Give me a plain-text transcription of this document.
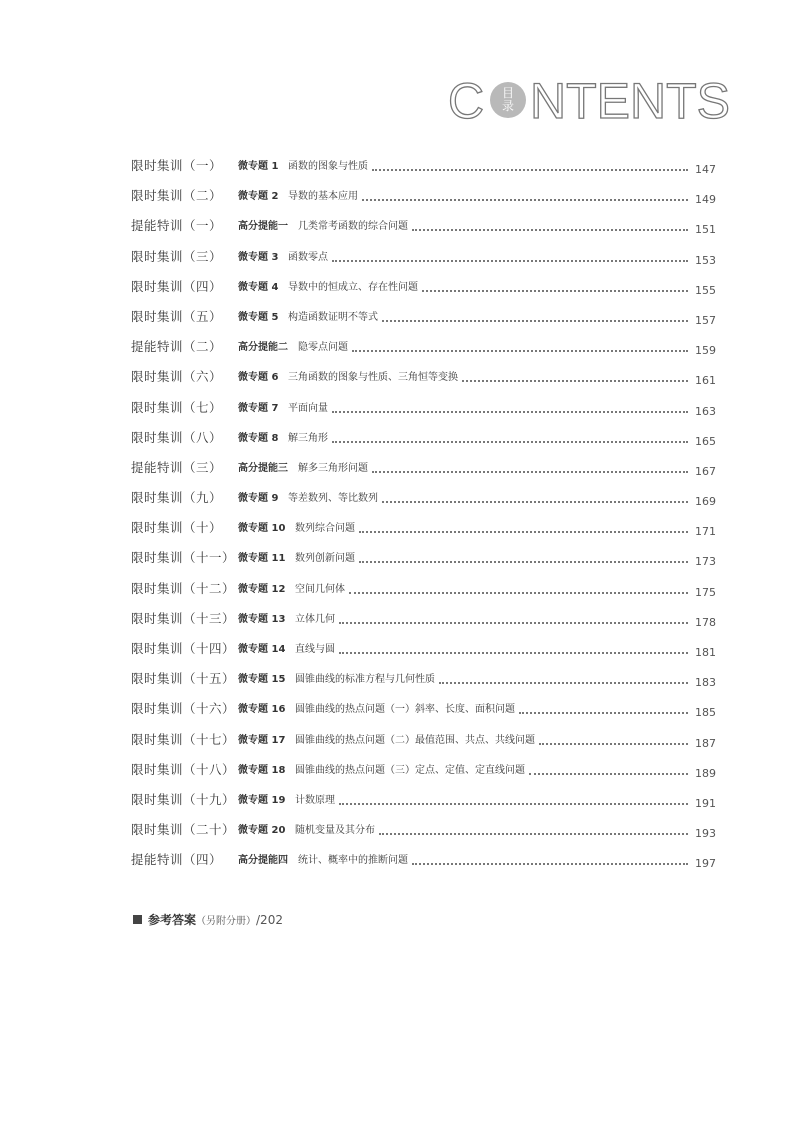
C 目
录 NTENTS
限时集训（一） 微专题 1 函数的图象与性质	147
限时集训（二） 微专题 2 导数的基本应用	149
提能特训（一） 高分提能一 几类常考函数的综合问题	151
限时集训（三） 微专题 3 函数零点	153
限时集训（四） 微专题 4 导数中的恒成立、存在性问题	155
限时集训（五） 微专题 5 构造函数证明不等式	157
提能特训（二） 高分提能二 隐零点问题	159
限时集训（六） 微专题 6 三角函数的图象与性质、三角恒等变换	161
限时集训（七） 微专题 7 平面向量	163
限时集训（八） 微专题 8 解三角形	165
提能特训（三） 高分提能三 解多三角形问题	167
限时集训（九） 微专题 9 等差数列、等比数列	169
限时集训（十） 微专题 10 数列综合问题	171
限时集训（十一） 微专题 11 数列创新问题	173
限时集训（十二） 微专题 12 空间几何体	175
限时集训（十三） 微专题 13 立体几何	178
限时集训（十四） 微专题 14 直线与圆	181
限时集训（十五） 微专题 15 圆锥曲线的标准方程与几何性质	183
限时集训（十六） 微专题 16 圆锥曲线的热点问题（一）斜率、长度、面积问题	185
限时集训（十七） 微专题 17 圆锥曲线的热点问题（二）最值范围、共点、共线问题	187
限时集训（十八） 微专题 18 圆锥曲线的热点问题（三）定点、定值、定直线问题	189
限时集训（十九） 微专题 19 计数原理	191
限时集训（二十） 微专题 20 随机变量及其分布	193
提能特训（四） 高分提能四 统计、概率中的推断问题	197
参考答案（另附分册）/202
